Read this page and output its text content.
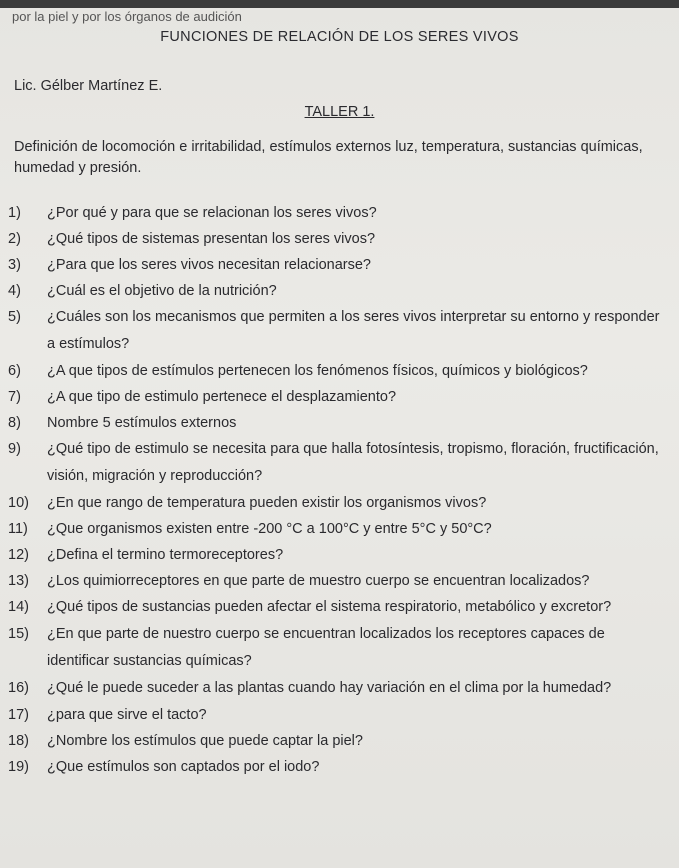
por la piel y por los órganos de audición
FUNCIONES DE RELACIÓN DE LOS SERES VIVOS
Lic. Gélber Martínez E.
TALLER 1.
Definición de locomoción e irritabilidad, estímulos externos luz, temperatura, sustancias químicas, humedad y presión.
1)	¿Por qué y para que se relacionan los seres vivos?
2)	¿Qué tipos de sistemas presentan los seres vivos?
3)	¿Para que los seres vivos necesitan relacionarse?
4)	¿Cuál es el objetivo de la nutrición?
5)	¿Cuáles son los mecanismos que permiten a los seres vivos interpretar su entorno y responder a estímulos?
6)	¿A que tipos de estímulos pertenecen los fenómenos físicos, químicos y biológicos?
7)	¿A que tipo de estimulo pertenece el desplazamiento?
8)	Nombre 5 estímulos externos
9)	¿Qué tipo de estimulo se necesita para que halla fotosíntesis, tropismo, floración, fructificación, visión, migración y reproducción?
10)	¿En que rango de temperatura pueden existir los organismos vivos?
11)	¿Que organismos existen entre -200 °C a 100°C y entre 5°C y 50°C?
12)	¿Defina el termino termoreceptores?
13)	¿Los quimiorreceptores en que parte de muestro cuerpo se encuentran localizados?
14)	¿Qué tipos de sustancias pueden afectar el sistema respiratorio, metabólico y excretor?
15)	¿En que parte de nuestro cuerpo se encuentran localizados los receptores capaces de identificar sustancias químicas?
16)	¿Qué le puede suceder a las plantas cuando hay variación en el clima por la humedad?
17)	¿para que sirve el tacto?
18)	¿Nombre los estímulos que puede captar la piel?
19)	¿Que estímulos son captados por el iodo?
